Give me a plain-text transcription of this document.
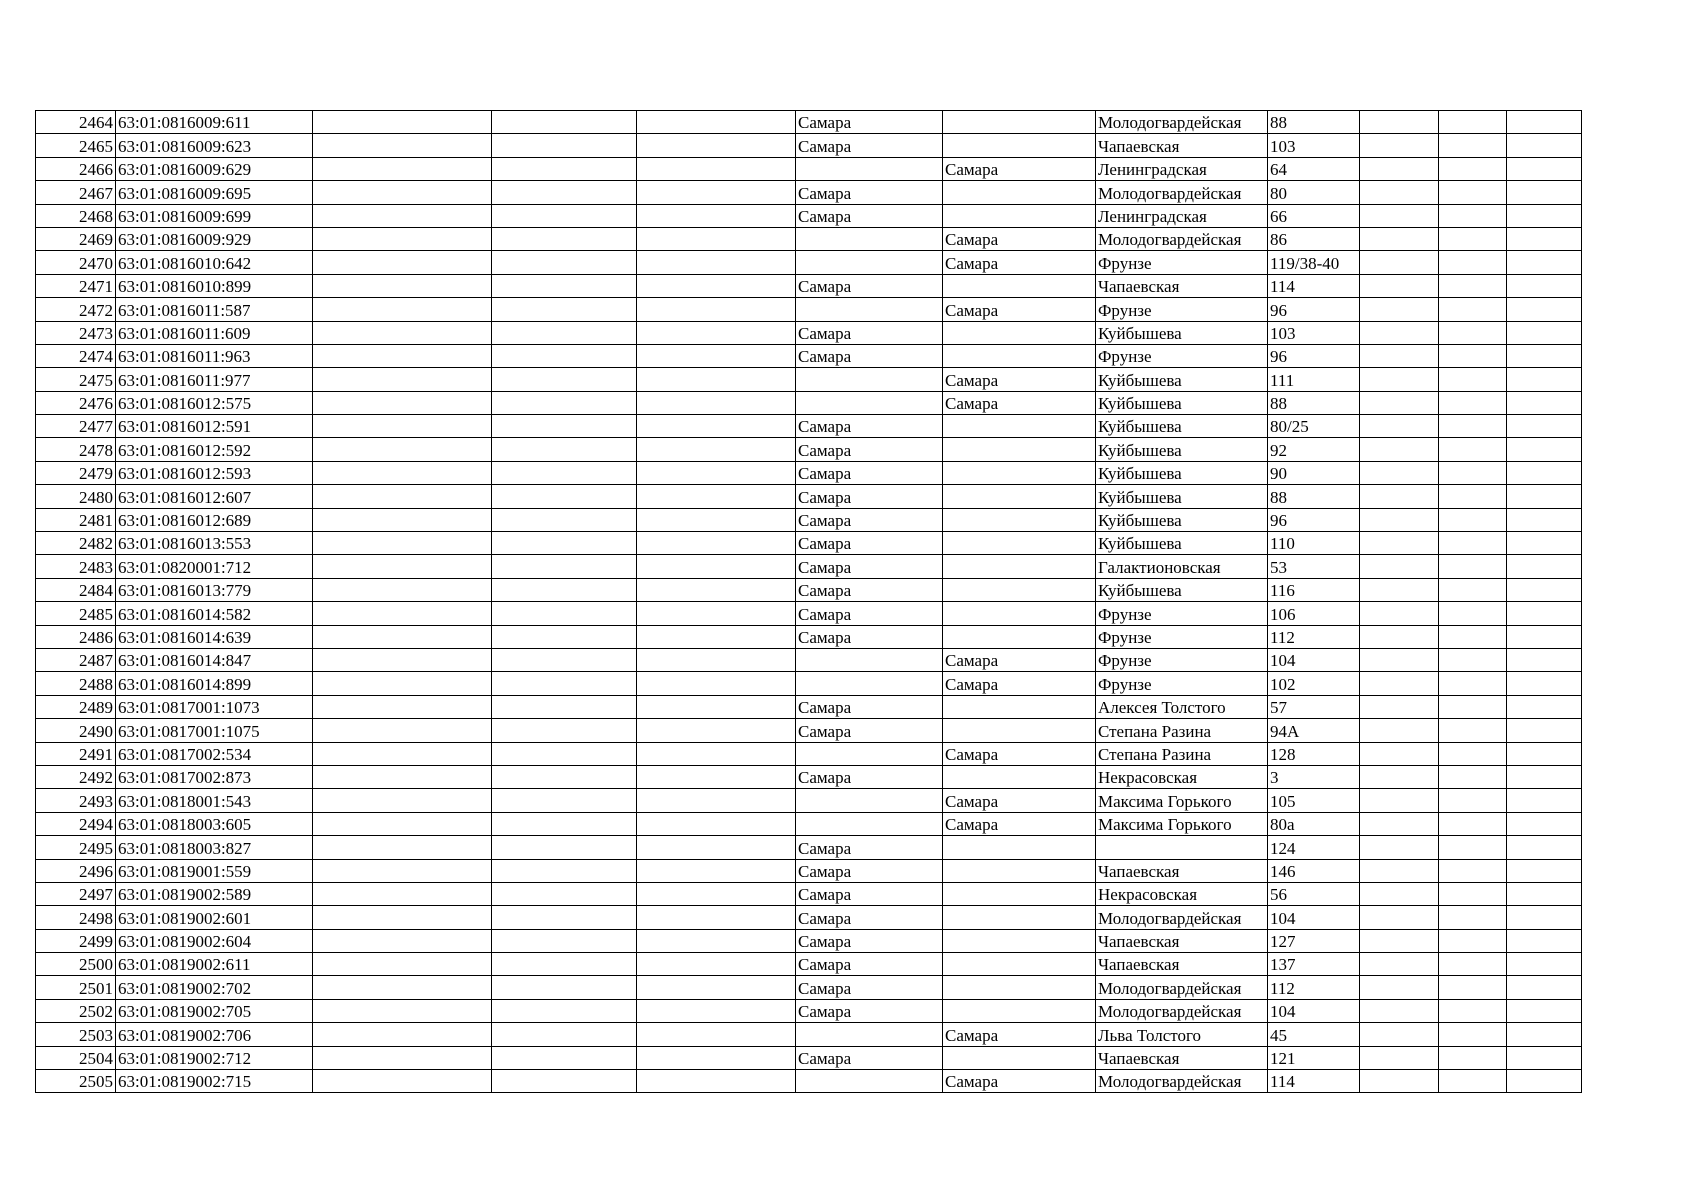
2464	63:01:0816009:611				Самара		Молодогвардейская	88			
2465	63:01:0816009:623				Самара		Чапаевская	103			
2466	63:01:0816009:629					Самара	Ленинградская	64			
2467	63:01:0816009:695				Самара		Молодогвардейская	80			
2468	63:01:0816009:699				Самара		Ленинградская	66			
2469	63:01:0816009:929					Самара	Молодогвардейская	86			
2470	63:01:0816010:642					Самара	Фрунзе	119/38-40			
2471	63:01:0816010:899				Самара		Чапаевская	114			
2472	63:01:0816011:587					Самара	Фрунзе	96			
2473	63:01:0816011:609				Самара		Куйбышева	103			
2474	63:01:0816011:963				Самара		Фрунзе	96			
2475	63:01:0816011:977					Самара	Куйбышева	111			
2476	63:01:0816012:575					Самара	Куйбышева	88			
2477	63:01:0816012:591				Самара		Куйбышева	80/25			
2478	63:01:0816012:592				Самара		Куйбышева	92			
2479	63:01:0816012:593				Самара		Куйбышева	90			
2480	63:01:0816012:607				Самара		Куйбышева	88			
2481	63:01:0816012:689				Самара		Куйбышева	96			
2482	63:01:0816013:553				Самара		Куйбышева	110			
2483	63:01:0820001:712				Самара		Галактионовская	53			
2484	63:01:0816013:779				Самара		Куйбышева	116			
2485	63:01:0816014:582				Самара		Фрунзе	106			
2486	63:01:0816014:639				Самара		Фрунзе	112			
2487	63:01:0816014:847					Самара	Фрунзе	104			
2488	63:01:0816014:899					Самара	Фрунзе	102			
2489	63:01:0817001:1073				Самара		Алексея Толстого	57			
2490	63:01:0817001:1075				Самара		Степана Разина	94А			
2491	63:01:0817002:534					Самара	Степана Разина	128			
2492	63:01:0817002:873				Самара		Некрасовская	3			
2493	63:01:0818001:543					Самара	Максима Горького	105			
2494	63:01:0818003:605					Самара	Максима Горького	80а			
2495	63:01:0818003:827				Самара			124			
2496	63:01:0819001:559				Самара		Чапаевская	146			
2497	63:01:0819002:589				Самара		Некрасовская	56			
2498	63:01:0819002:601				Самара		Молодогвардейская	104			
2499	63:01:0819002:604				Самара		Чапаевская	127			
2500	63:01:0819002:611				Самара		Чапаевская	137			
2501	63:01:0819002:702				Самара		Молодогвардейская	112			
2502	63:01:0819002:705				Самара		Молодогвардейская	104			
2503	63:01:0819002:706					Самара	Льва Толстого	45			
2504	63:01:0819002:712				Самара		Чапаевская	121			
2505	63:01:0819002:715					Самара	Молодогвардейская	114			
